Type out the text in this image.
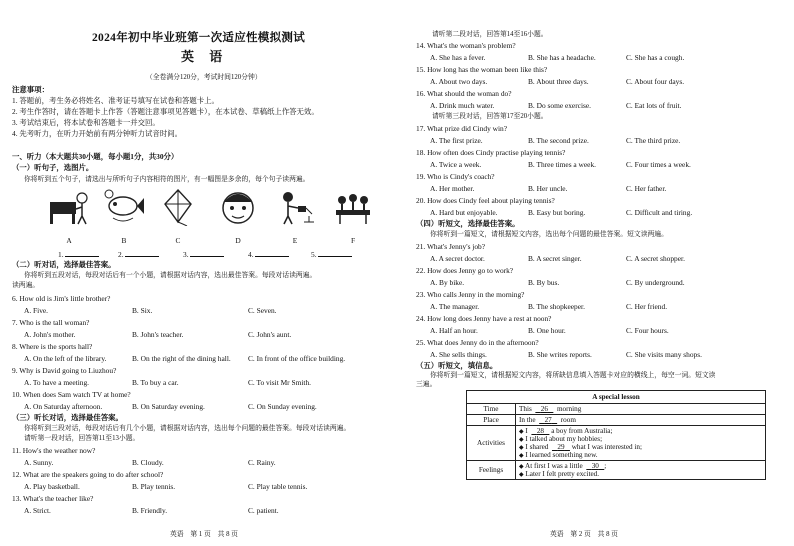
2024年初中毕业班第一次适应性模拟测试
英 语
（全卷满分120分，考试时间120分钟）
注意事项：
1. 答题前，考生务必将姓名、准考证号填写在试卷和答题卡上。
2. 考生作答时，请在答题卡上作答（答题注意事项见答题卡），在本试卷、草稿纸上作答无效。
3. 考试结束后，将本试卷和答题卡一并交回。
4. 先考听力，在听力开始前有两分钟听力试音时间。
一、听力（本大题共30小题，每小题1分，共30分）
（一）听句子，选图片。
你将听到五个句子，请选出与所听句子内容相符的图片，有一幅图是多余的，每个句子读两遍。
A	B	C	D	E	F
1.	2.	3.	4.	5.
（二）听对话，选择最佳答案。
你将听到五段对话，每段对话后有一个小题，请根据对话内容，选出最佳答案。每段对话读两遍。
读两遍。
6. How old is Jim's little brother?
A. Five.	B. Six.	C. Seven.
7. Who is the tall woman?
A. John's mother.	B. John's teacher.	C. John's aunt.
8. Where is the sports hall?
A. On the left of the library.	B. On the right of the dining hall. C. In front of the office building.
9. Why is David going to Liuzhou?
A. To have a meeting.	B. To buy a car.	C. To visit Mr Smith.
10. When does Sam watch TV at home?
A. On Saturday afternoon.	B. On Saturday evening.	C. On Sunday evening.
（三）听长对话，选择最佳答案。
你将听到三段对话，每段对话后有几个小题，请根据对话内容，选出每个问题的最佳答案。每段对话读两遍。
请听第一段对话，回答第11至13小题。
11. How's the weather now?
A. Sunny.	B. Cloudy.	C. Rainy.
12. What are the speakers going to do after school?
A. Play basketball.	B. Play tennis.	C. Play table tennis.
13. What's the teacher like?
A. Strict.	B. Friendly.	C. patient.
英语　第 1 页　共 8 页
请听第二段对话，回答第14至16小题。
14. What's the woman's problem?
A. She has a fever.	B. She has a headache.	C. She has a cough.
15. How long has the woman been like this?
A. About two days.	B. About three days.	C. About four days.
16. What should the woman do?
A. Drink much water.	B. Do some exercise.	C. Eat lots of fruit.
请听第三段对话，回答第17至20小题。
17. What prize did Cindy win?
A. The first prize.	B. The second prize.	C. The third prize.
18. How often does Cindy practise playing tennis?
A. Twice a week.	B. Three times a week.	C. Four times a week.
19. Who is Cindy's coach?
A. Her mother.	B. Her uncle.	C. Her father.
20. How does Cindy feel about playing tennis?
A. Hard but enjoyable.	B. Easy but boring.	C. Difficult and tiring.
（四）听短文，选择最佳答案。
你将听到一篇短文，请根据短文内容，选出每个问题的最佳答案。短文读两遍。
21. What's Jenny's job?
A. A secret doctor.	B. A secret singer.	C. A secret shopper.
22. How does Jenny go to work?
A. By bike.	B. By bus.	C. By underground.
23. Who calls Jenny in the morning?
A. The manager.	B. The shopkeeper.	C. Her friend.
24. How long does Jenny have a rest at noon?
A. Half an hour.	B. One hour.	C. Four hours.
25. What does Jenny do in the afternoon?
A. She sells things.	B. She writes reports.	C. She visits many shops.
（五）听短文，填信息。
你将听到一篇短文，请根据短文内容，将所缺信息填入答题卡对应的横线上，每空一词。短文读
三遍。
A special lesson	
Time	This 26 morning
Place	In the 27 room
Activities	◆ I 28 a boy from Australia;
◆ I talked about my hobbies;
◆ I shared 29 what I was interested in;
◆ I learned something new.

Feelings	◆ At first I was a little 30 ;
◆ Later I felt pretty excited.
英语　第 2 页　共 8 页
